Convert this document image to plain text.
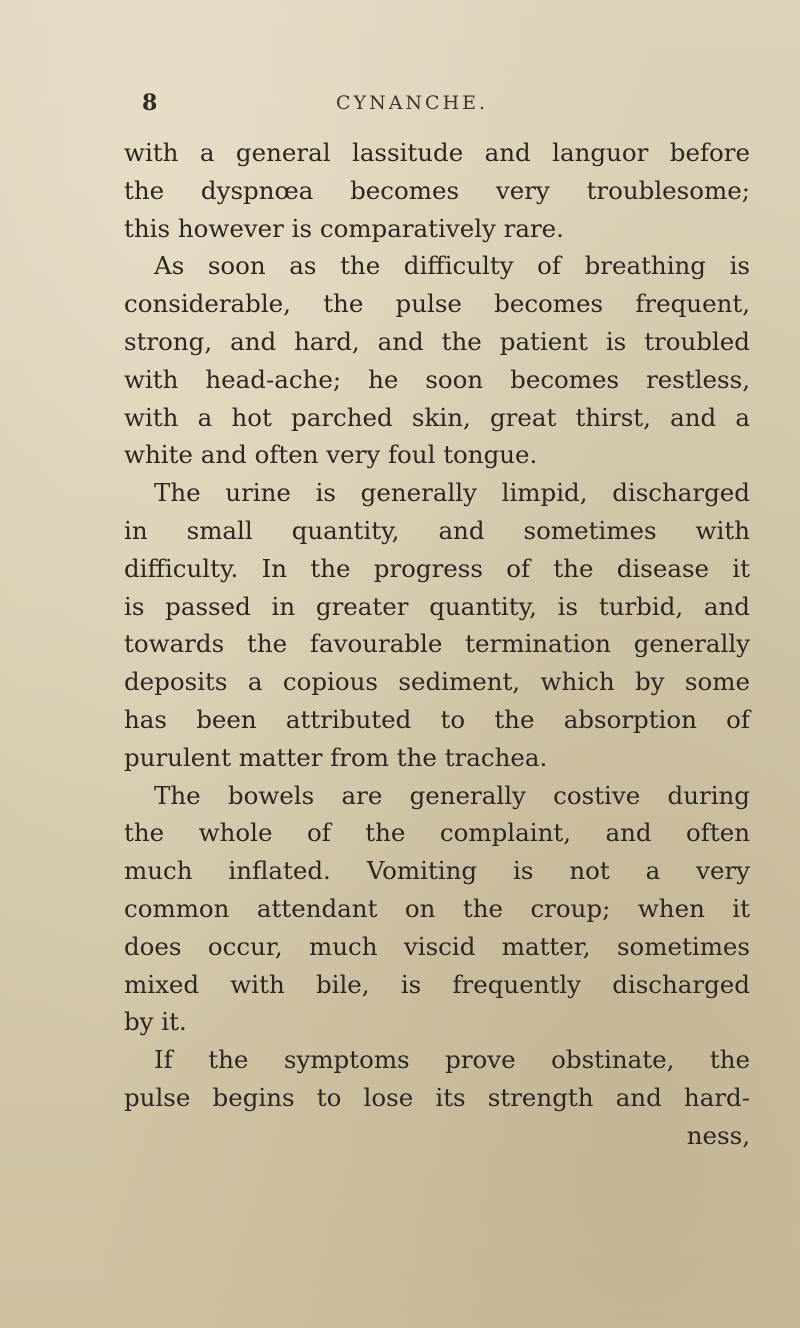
8	CYNANCHE.
with a general lassitude and languor before
the dyspnœa becomes very troublesome;
this however is comparatively rare.
As soon as the difficulty of breathing is
considerable, the pulse becomes frequent,
strong, and hard, and the patient is troubled
with head-ache; he soon becomes restless,
with a hot parched skin, great thirst, and a
white and often very foul tongue.
The urine is generally limpid, discharged
in small quantity, and sometimes with
difficulty. In the progress of the disease it
is passed in greater quantity, is turbid, and
towards the favourable termination generally
deposits a copious sediment, which by some
has been attributed to the absorption of
purulent matter from the trachea.
The bowels are generally costive during
the whole of the complaint, and often
much inflated. Vomiting is not a very
common attendant on the croup; when it
does occur, much viscid matter, sometimes
mixed with bile, is frequently discharged
by it.
If the symptoms prove obstinate, the
pulse begins to lose its strength and hard-
ness,
